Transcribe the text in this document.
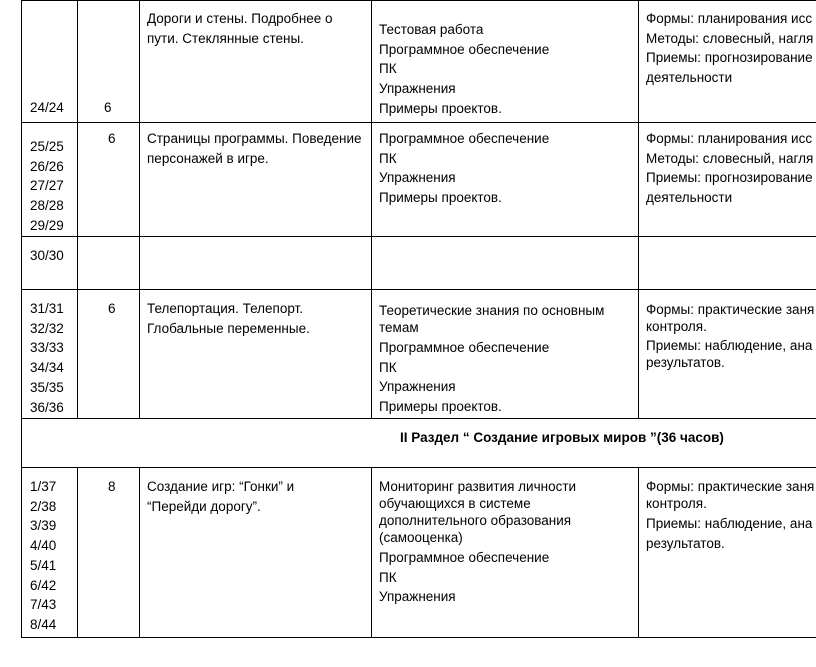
24/24	6
Дороги и стены. Подробнее о
пути. Стеклянные стены.
Тестовая работа
Программное обеспечение
ПК
Упражнения
Примеры проектов.
Формы: планирования исс
Методы: словесный, нагля
Приемы: прогнозирование
деятельности
25/25
26/26
27/27
28/28
29/29
6 Страницы программы. Поведение
персонажей в игре.
Программное обеспечение
ПК
Упражнения
Примеры проектов.
Формы: планирования исс
Методы: словесный, нагля
Приемы: прогнозирование
деятельности
30/30
31/31
32/32
33/33
34/34
35/35
36/36
6 Телепортация. Телепорт.
Глобальные переменные.
Теоретические знания по основным
темам
Программное обеспечение
ПК
Упражнения
Примеры проектов.
Формы: практические заня
контроля.
Приемы: наблюдение, ана
результатов.
II Раздел “ Создание игровых миров ”(36 часов)
1/37
2/38
3/39
4/40
5/41
6/42
7/43
8/44
8 Создание игр: “Гонки” и
“Перейди дорогу”.
Мониторинг развития личности
обучающихся в системе
дополнительного образования
(самооценка)
Программное обеспечение
ПК
Упражнения
Формы: практические заня
контроля.
Приемы: наблюдение, ана
результатов.
